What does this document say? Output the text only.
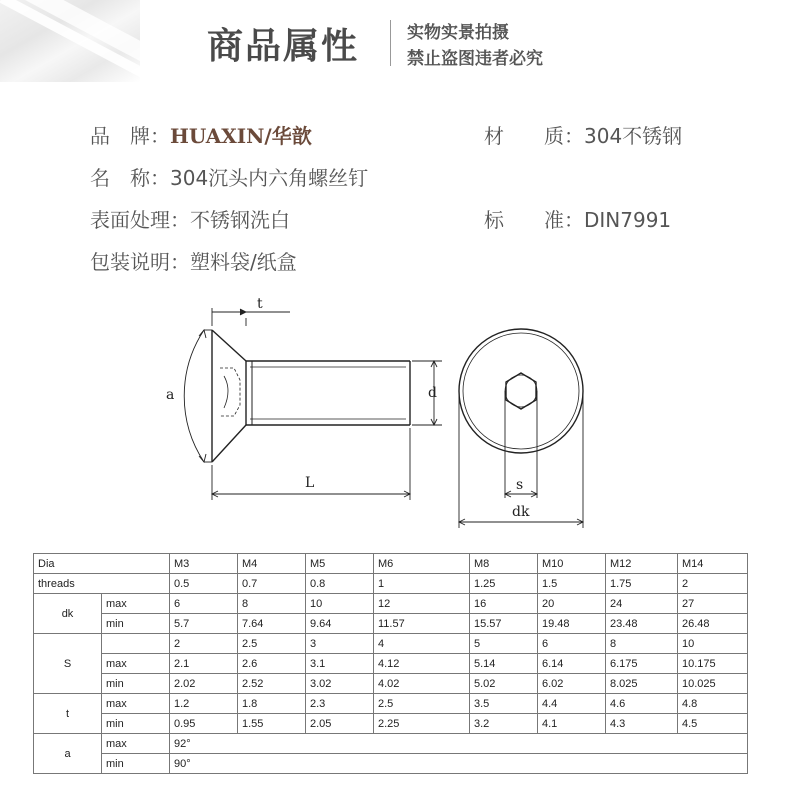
商品属性	实物实景拍摄
禁止盗图违者必究
品　牌：HUAXIN/华歆	材　　质：304不锈钢
名　称：304沉头内六角螺丝钉
表面处理：不锈钢洗白	标　　准：DIN7991
包装说明：塑料袋/纸盒
t
a	d
L	s
dk
Dia		M3	M4	M5	M6	M8	M10	M12	M14
threads		0.5	0.7	0.8	1	1.25	1.5	1.75	2
dk	max	6	8	10	12	16	20	24	27
	min	5.7	7.64	9.64	11.57	15.57	19.48	23.48	26.48
S		2	2.5	3	4	5	6	8	10
	max	2.1	2.6	3.1	4.12	5.14	6.14	6.175	10.175
	min	2.02	2.52	3.02	4.02	5.02	6.02	8.025	10.025
t	max	1.2	1.8	2.3	2.5	3.5	4.4	4.6	4.8
	min	0.95	1.55	2.05	2.25	3.2	4.1	4.3	4.5
a	max	92°							
	min	90°							
